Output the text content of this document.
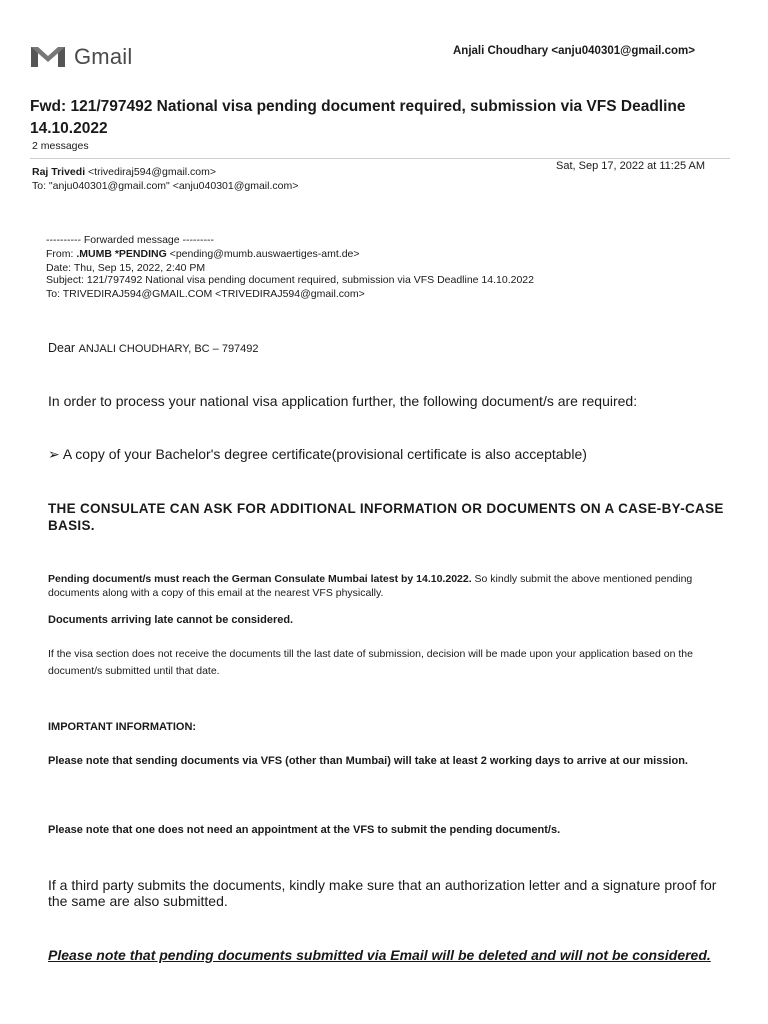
Gmail	Anjali Choudhary <anju040301@gmail.com>
Fwd: 121/797492 National visa pending document required, submission via VFS Deadline 14.10.2022
2 messages
Raj Trivedi <trivediraj594@gmail.com>
To: "anju040301@gmail.com" <anju040301@gmail.com>
Sat, Sep 17, 2022 at 11:25 AM
---------- Forwarded message ---------
From: .MUMB *PENDING <pending@mumb.auswaertiges-amt.de>
Date: Thu, Sep 15, 2022, 2:40 PM
Subject: 121/797492 National visa pending document required, submission via VFS Deadline 14.10.2022
To: TRIVEDIRAJ594@GMAIL.COM <TRIVEDIRAJ594@gmail.com>
Dear ANJALI CHOUDHARY, BC – 797492
In order to process your national visa application further, the following document/s are required:
➢ A copy of your Bachelor's degree certificate(provisional certificate is also acceptable)
THE CONSULATE CAN ASK FOR ADDITIONAL INFORMATION OR DOCUMENTS ON A CASE-BY-CASE BASIS.
Pending document/s must reach the German Consulate Mumbai latest by 14.10.2022. So kindly submit the above mentioned pending documents along with a copy of this email at the nearest VFS physically.
Documents arriving late cannot be considered.
If the visa section does not receive the documents till the last date of submission, decision will be made upon your application based on the document/s submitted until that date.
IMPORTANT INFORMATION:
Please note that sending documents via VFS (other than Mumbai) will take at least 2 working days to arrive at our mission.
Please note that one does not need an appointment at the VFS to submit the pending document/s.
If a third party submits the documents, kindly make sure that an authorization letter and a signature proof for the same are also submitted.
Please note that pending documents submitted via Email will be deleted and will not be considered.
